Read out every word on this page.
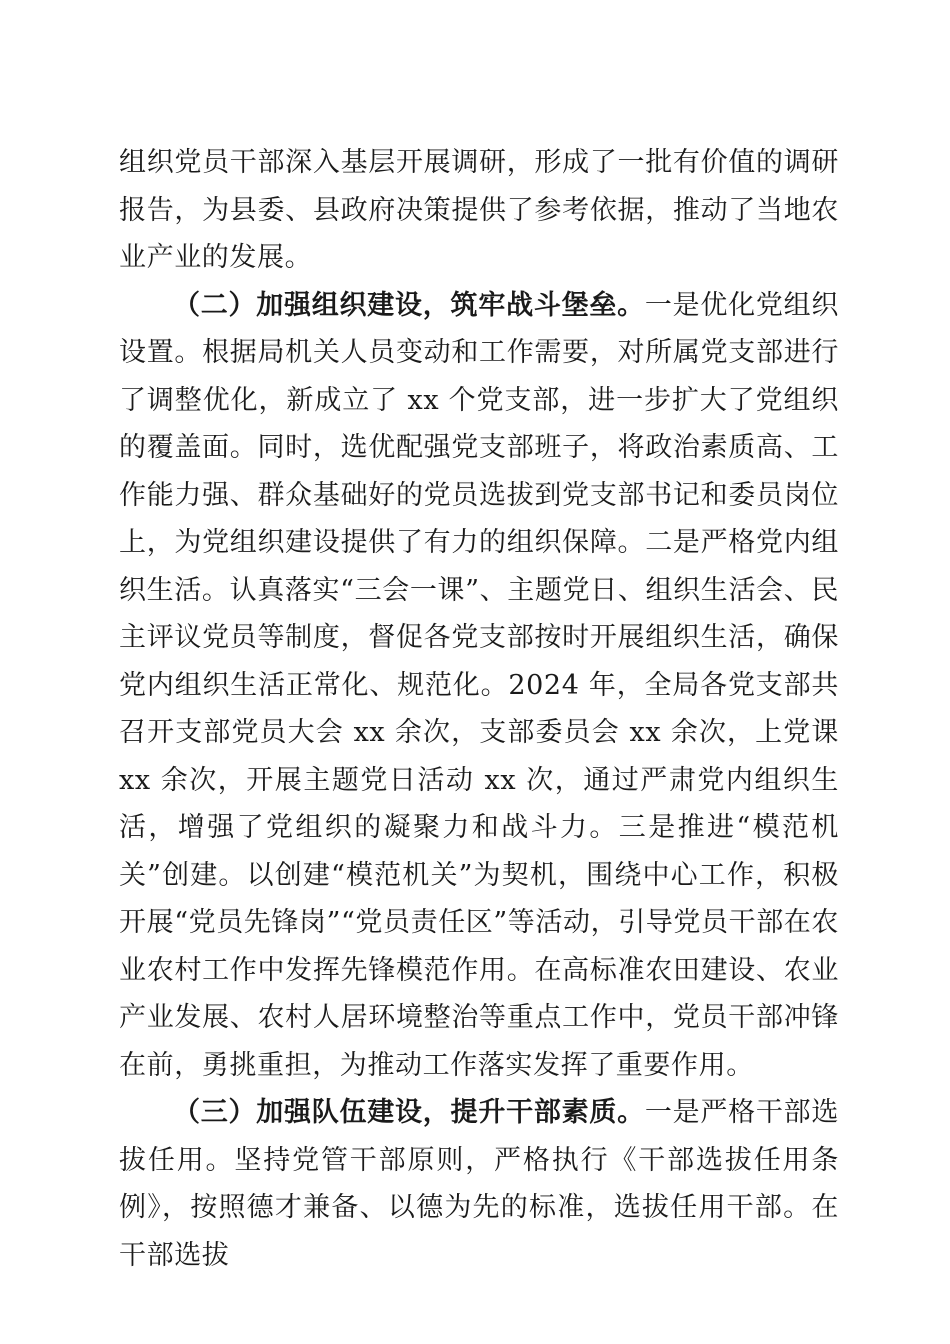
组织党员干部深入基层开展调研，形成了一批有价值的调研报告，为县委、县政府决策提供了参考依据，推动了当地农业产业的发展。

（二）加强组织建设，筑牢战斗堡垒。一是优化党组织设置。根据局机关人员变动和工作需要，对所属党支部进行了调整优化，新成立了 xx 个党支部，进一步扩大了党组织的覆盖面。同时，选优配强党支部班子，将政治素质高、工作能力强、群众基础好的党员选拔到党支部书记和委员岗位上，为党组织建设提供了有力的组织保障。二是严格党内组织生活。认真落实“三会一课”、主题党日、组织生活会、民主评议党员等制度，督促各党支部按时开展组织生活，确保党内组织生活正常化、规范化。2024 年，全局各党支部共召开支部党员大会 xx 余次，支部委员会 xx 余次，上党课 xx 余次，开展主题党日活动 xx 次，通过严肃党内组织生活，增强了党组织的凝聚力和战斗力。三是推进“模范机关”创建。以创建“模范机关”为契机，围绕中心工作，积极开展“党员先锋岗”“党员责任区”等活动，引导党员干部在农业农村工作中发挥先锋模范作用。在高标准农田建设、农业产业发展、农村人居环境整治等重点工作中，党员干部冲锋在前，勇挑重担，为推动工作落实发挥了重要作用。

（三）加强队伍建设，提升干部素质。一是严格干部选拔任用。坚持党管干部原则，严格执行《干部选拔任用条例》，按照德才兼备、以德为先的标准，选拔任用干部。在干部选拔
